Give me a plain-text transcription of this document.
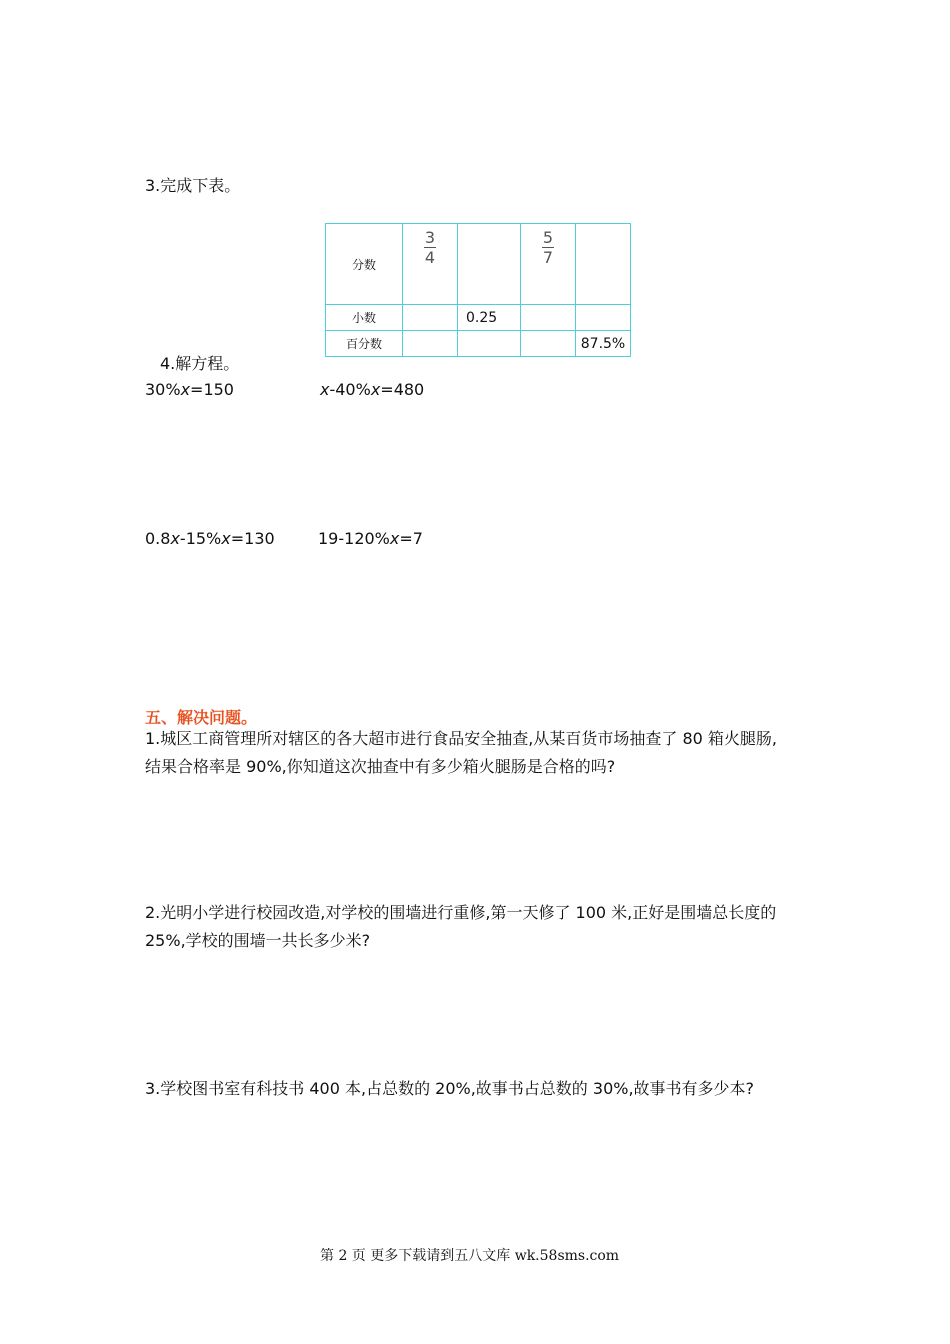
3.完成下表。
分数	$\frac{3}{4}$		$\frac{5}{7}$

小数		0.25		
百分数				87.5%
4.解方程。
30%x=150	x-40%x=480
0.8x-15%x=130	19-120%x=7
五、解决问题。
1.城区工商管理所对辖区的各大超市进行食品安全抽查,从某百货市场抽查了 80 箱火腿肠,
结果合格率是 90%,你知道这次抽查中有多少箱火腿肠是合格的吗?
2.光明小学进行校园改造,对学校的围墙进行重修,第一天修了 100 米,正好是围墙总长度的
25%,学校的围墙一共长多少米?
3.学校图书室有科技书 400 本,占总数的 20%,故事书占总数的 30%,故事书有多少本?
第 2 页 更多下载请到五八文库 wk.58sms.com
